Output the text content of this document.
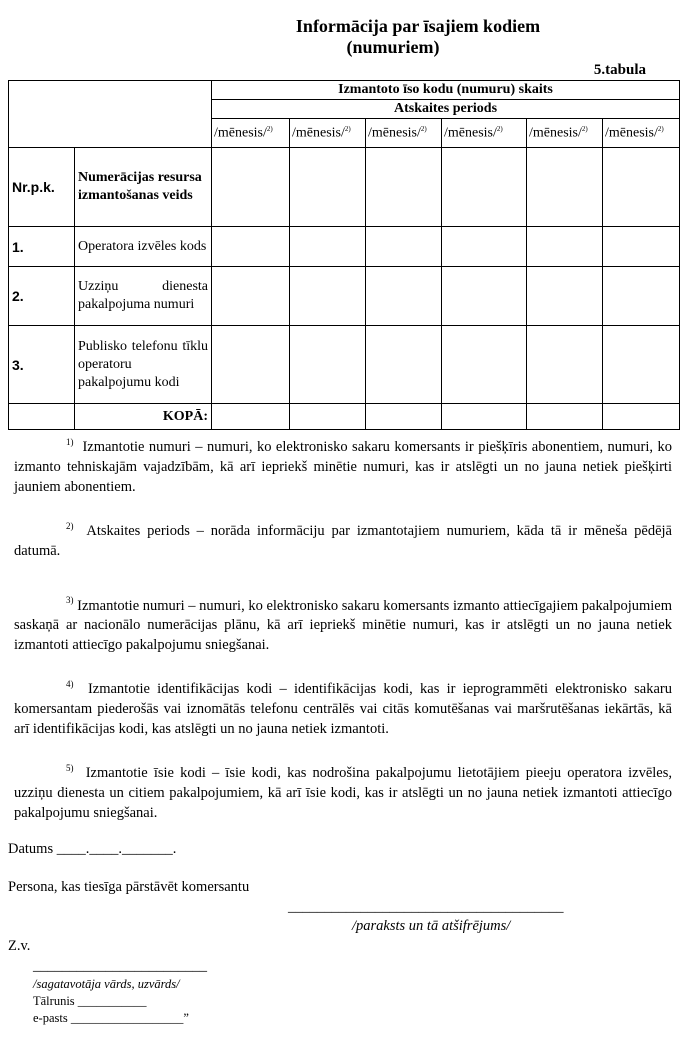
Informācija par īsajiem kodiem
(numuriem)
5.tabula
		Izmantoto īso kodu (numuru) skaits					
		Atskaites periods					
		/mēnesis/$^{2)}$	/mēnesis/$^{2)}$	/mēnesis/$^{2)}$	/mēnesis/$^{2)}$	/mēnesis/$^{2)}$	/mēnesis/$^{2)}$
Nr.p.k.	Numerācijas resursa izmantošanas veids						
1.	Operatora izvēles kods						
2.	Uzziņu dienesta pakalpojuma numuri						
3.	Publisko telefonu tīklu operatoru pakalpojumu kodi						
	KOPĀ:						

$^{1)}$ Izmantotie numuri – numuri, ko elektronisko sakaru komersants ir piešķīris abonentiem, numuri, ko izmanto tehniskajām vajadzībām, kā arī iepriekš minētie numuri, kas ir atslēgti un no jauna netiek piešķirti jauniem abonentiem.

$^{2)}$ Atskaites periods – norāda informāciju par izmantotajiem numuriem, kāda tā ir mēneša pēdējā datumā.

$^{3)}$ Izmantotie numuri – numuri, ko elektronisko sakaru komersants izmanto attiecīgajiem pakalpojumiem saskaņā ar nacionālo numerācijas plānu, kā arī iepriekš minētie numuri, kas ir atslēgti un no jauna netiek izmantoti attiecīgo pakalpojumu sniegšanai.

$^{4)}$ Izmantotie identifikācijas kodi – identifikācijas kodi, kas ir ieprogrammēti elektronisko sakaru komersantam piederošās vai iznomātās telefonu centrālēs vai citās komutēšanas vai maršrutēšanas iekārtās, kā arī identifikācijas kodi, kas atslēgti un no jauna netiek izmantoti.

$^{5)}$ Izmantotie īsie kodi – īsie kodi, kas nodrošina pakalpojumu lietotājiem pieeju operatora izvēles, uzziņu dienesta un citiem pakalpojumiem, kā arī īsie kodi, kas ir atslēgti un no jauna netiek izmantoti attiecīgo pakalpojumu sniegšanai.

Datums ____.____._______.
Persona, kas tiesīga pārstāvēt komersantu
______________________________________
/paraksts un tā atšifrējums/
Z.v.
________________________
/sagatavotāja vārds, uzvārds/
Tālrunis ___________
e-pasts __________________”
